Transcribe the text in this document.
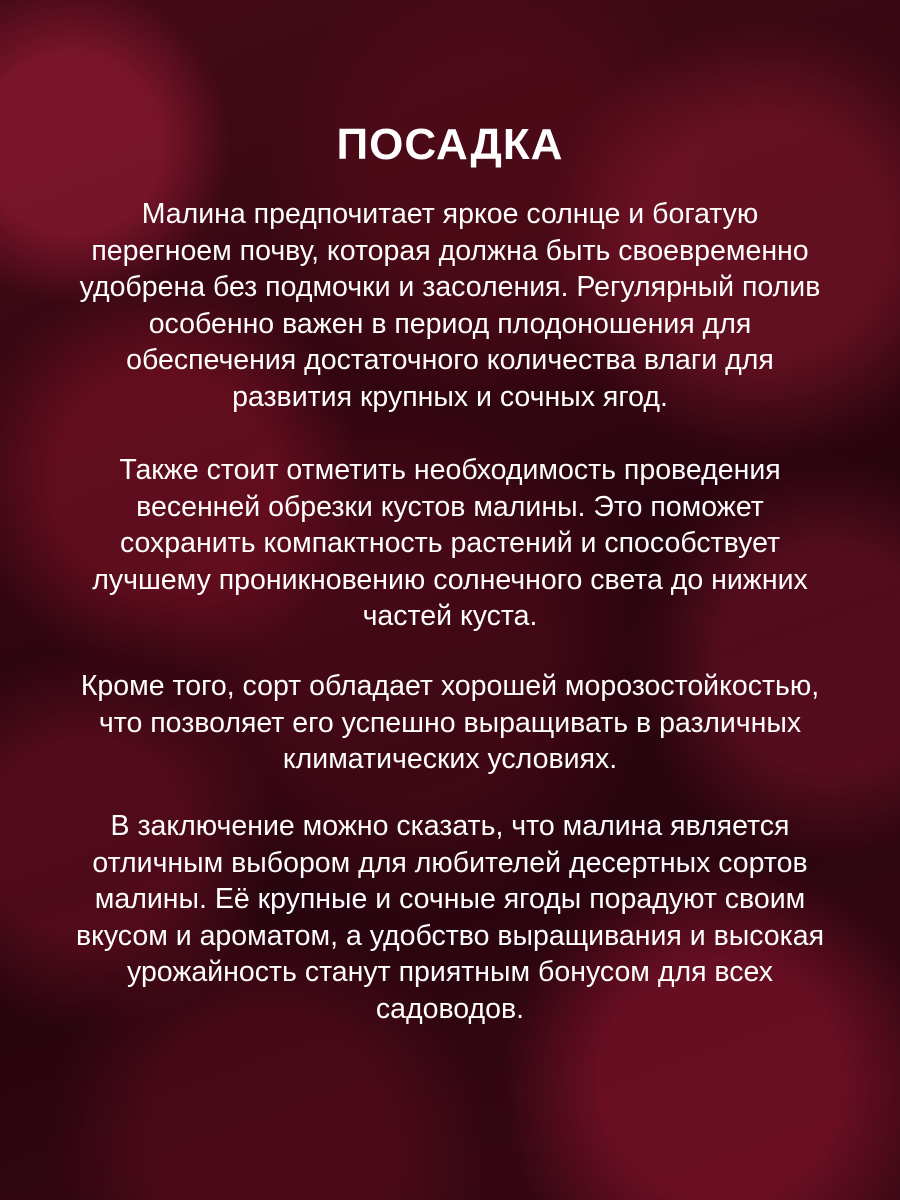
ПОСАДКА

Малина предпочитает яркое солнце и богатую
перегноем почву, которая должна быть своевременно
удобрена без подмочки и засоления. Регулярный полив
особенно важен в период плодоношения для
обеспечения достаточного количества влаги для
развития крупных и сочных ягод.

Также стоит отметить необходимость проведения
весенней обрезки кустов малины. Это поможет
сохранить компактность растений и способствует
лучшему проникновению солнечного света до нижних
частей куста.

Кроме того, сорт обладает хорошей морозостойкостью,
что позволяет его успешно выращивать в различных
климатических условиях.

В заключение можно сказать, что малина является
отличным выбором для любителей десертных сортов
малины. Её крупные и сочные ягоды порадуют своим
вкусом и ароматом, а удобство выращивания и высокая
урожайность станут приятным бонусом для всех
садоводов.
